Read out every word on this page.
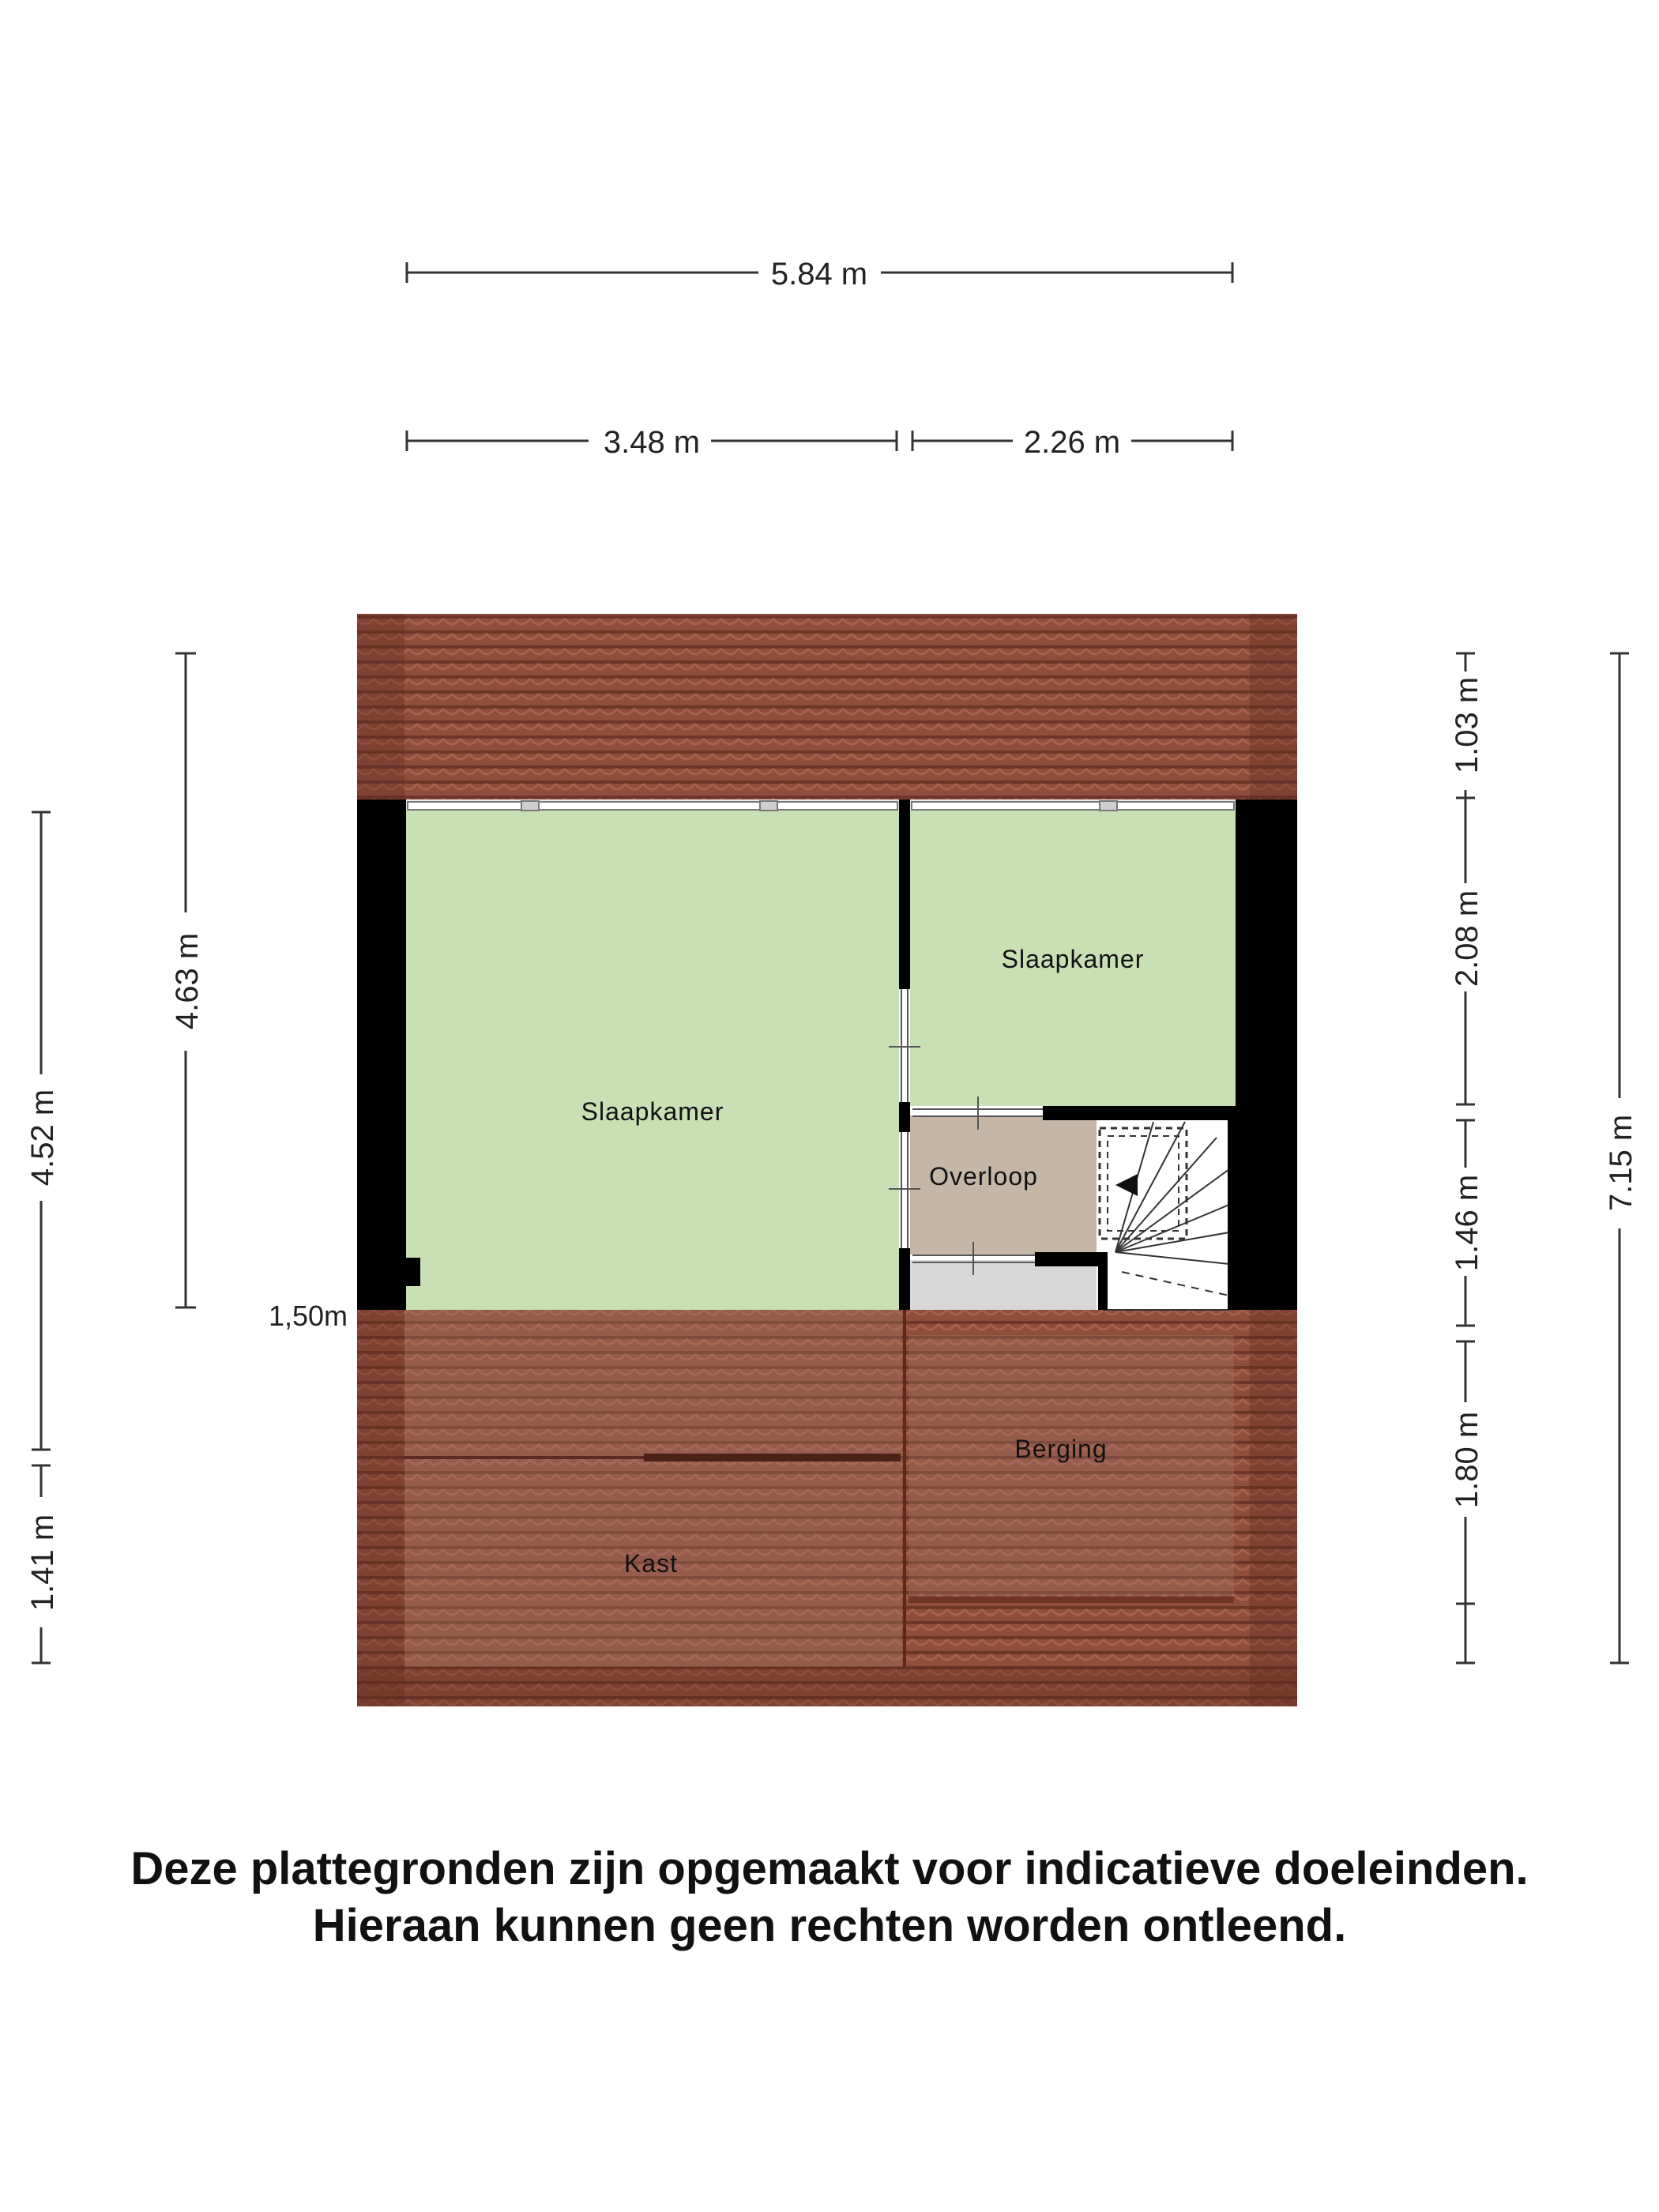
Slaapkamer
Slaapkamer
Overloop
Berging
Kast
5.84 m
3.48 m	2.26 m
4.63 m
4.52 m
1.41 m
1,50m
1.03 m
2.08 m
1.46 m
1.80 m
7.15 m
Deze plattegronden zijn opgemaakt voor indicatieve doeleinden.
Hieraan kunnen geen rechten worden ontleend.
